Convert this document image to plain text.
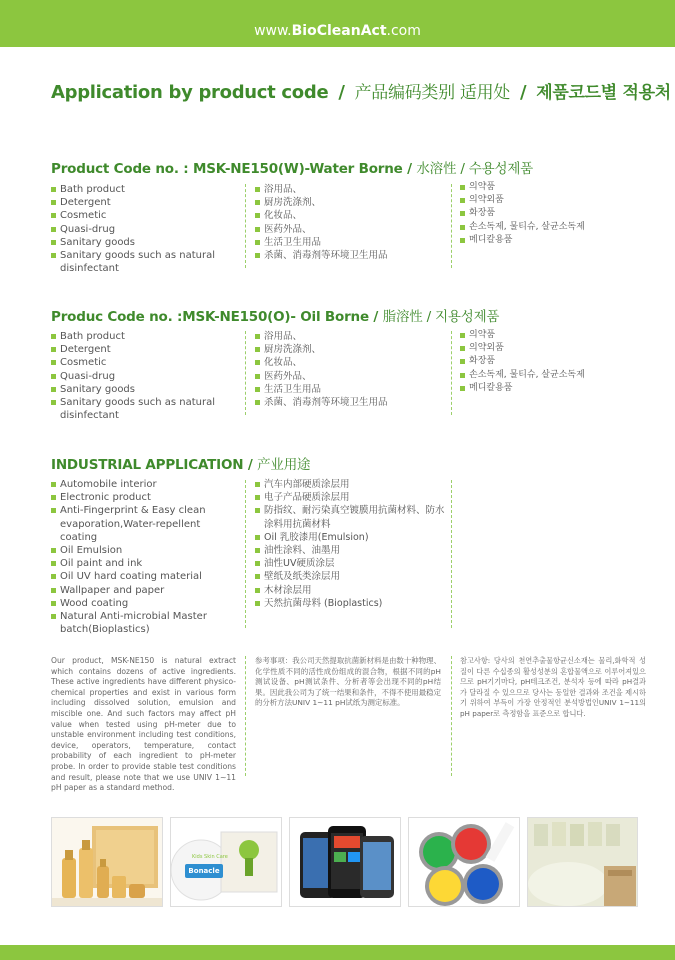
www.BioCleanAct.com
Application by product code / 产品编码类别 适用处 / 제품코드별 적용처
Product Code no. : MSK-NE150(W)-Water Borne / 水溶性 / 수용성제품
Bath product
Detergent
Cosmetic
Quasi-drug
Sanitary goods
Sanitary goods such as natural disinfectant
浴用品、
厨房洗涤剂、
化妆品、
医药外品、
生活卫生用品
杀菌、消毒剂等环境卫生用品
의약품
의약외품
화장품
손소독제, 물티슈, 살균소독제
메디칼용품
Produc Code no. :MSK-NE150(O)- Oil Borne / 脂溶性 / 지용성제품
Bath product
Detergent
Cosmetic
Quasi-drug
Sanitary goods
Sanitary goods such as natural disinfectant
浴用品、
厨房洗涤剂、
化妆品、
医药外品、
生活卫生用品
杀菌、消毒剂等环境卫生用品
의약품
의약외품
화장품
손소독제, 물티슈, 살균소독제
메디칼용품
INDUSTRIAL APPLICATION / 产业用途
Automobile interior
Electronic product
Anti-Fingerprint & Easy clean evaporation,Water-repellent coating
Oil Emulsion
Oil paint and ink
Oil UV hard coating material
Wallpaper and paper
Wood coating
Natural Anti-microbial Master batch(Bioplastics)
汽车内部硬质涂层用
电子产品硬质涂层用
防指纹、耐污染真空镀膜用抗菌材料、防水涂料用抗菌材料
Oil 乳胶漆用(Emulsion)
油性涂料、油墨用
油性UV硬质涂层
壁纸及纸类涂层用
木材涂层用
天然抗菌母料 (Bioplastics)
Our product, MSK-NE150 is natural extract which contains dozens of active ingredients. These active ingredients have different physico-chemical properties and exist in various form including dissolved solution, emulsion and miscible one. And such factors may affect pH value when tested using pH-meter due to unstable environment including test conditions, device, operators, temperature, contact probability of each ingredient to pH-meter probe. In order to provide stable test conditions and result, please note that we use UNIV 1~11 pH paper as a standard method.
参考事项：我公司天然提取抗菌新材料是由数十种物理、化学性质不同的活性成份组成的混合物，根据不同的pH测试设备、pH测试条件、分析者等会出现不同的pH结果。因此我公司为了统一结果和条件，不得不使用最稳定的分析方法UNIV 1~11 pH试纸为测定标准。
참고사항: 당사의 천연추출물항균신소재는 물리,화학적 성질이 다른 수십종의 활성성분의 혼합물액으로 이루어져있으므로 pH기기마다, pH테크조건, 분석자 등에 따라 pH결과가 달라질 수 있으므로 당사는 동일한 결과와 조건을 제시하기 위하여 부득이 가장 안정적인 분석방법인UNIV 1~11의 pH paper로 측정함을 표준으로 합니다.
Kids Skin Care
Bonacle
